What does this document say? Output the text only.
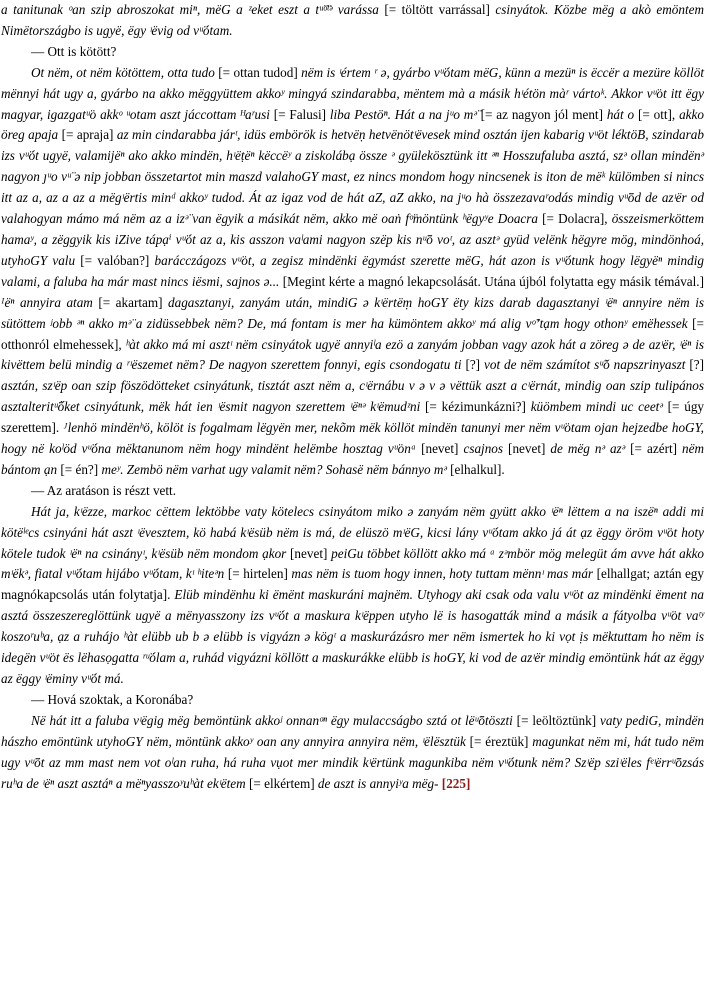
a tanitunak ᵒan szip abroszokat miⁿ, mëG a ᶻeket eszt a tᵘ̈ᵒ̈ᵗᵊ varássa [= töltött varrással] csinyátok. Közbe mëg a akò emöntem Nimëtországbo is ugyë, ëgy ᶦëvig od vᵘ̈ótam.

— Ott is kötött?

Ot nëm, ot nëm kötöttem, otta tudo [= ottan tudod] nëm is ᶦértem ʳ ə, gyárbo vᵘ̈ótam mëG, künn a mezüⁿ is ëccër a mezüre köllöt mënnyi hát ugy a, gyárbo na akko mëggyüttem akkoʸ mingyá szindarabba, mëntem mà a másik hᶦétön màʳ vártoᵏ. Akkor vᵘ̈ot itt ëgy magyar, igazgatᵘ̈o akkᵒ ᵘotam aszt jáccottam ᴴaʳusi [= Falusi] liba Pestöⁿ. Hát a na jᵘo mᵊ̈ [= az nagyon jól ment] hát o [= ott], akko öreg apaja [= apraja] az min cindarabba járᵗ, idüs embörök is hetvëṇ hetvënötᶦëvesek mind osztán ijen kabarig vᵘ̈ot léktöB, szindarab izs vᵘ̈ót ugyë, valamijëⁿ ako akko mindën, hᶦëṭëⁿ këccëʸ a ziskolábạ össze ᵊ gyülekösztünk itt ᵊⁿ Hosszufaluba asztá, szᵊ ollan mindënᵊ nagyon ȷᵘo vᵘ̈ ə nip jobban összetartot min maszd valahoGY mast, ez nincs mondom hogy nincsenek is iton de mëᵏ külömben si nincs itt az a, az a az a mëgᶦërtis minᵈ akkoʸ tudod. Át az igaz vod de hát aZ, aZ akko, na jᵘo hà összezavaʳodás mindig vᵘ̈öd de azᶦër od valahogyan mámo má nëm az a izᵊ̈ van ëgyik a másikát nëm, akko më oaṅ fᵒ̈möntünk ʰëgyʸe Doacra [= Dolacra], összeismerköttem hamaʸ, a zëggyik kis iZive tápạⁱ vᵘ̈ót az a, kis asszon vaˡami nagyon szëp kis nᵘ̈ö voᵗ, az asztᵊ gyüd velënk hëgyre mög, mindönhoá, utyhoGY valu [= valóban?] barácczágozs vᵘ̈ot, a zegisz mindënki ëgymást szerette mëG, hát azon is vᵘ̈ótunk hogy lëgyëⁿ mindig valami, a faluba ha már mast nincs iësmi, sajnos ə... [Megint kérte a magnó lekapcsolását. Utána újból folytatta egy másik témával.] ᴵëⁿ annyira atam [= akartam] dagasztanyi, zanyám után, mindiG ə kᶦërtëṃ hoGY ëty kizs darab dagasztanyi ᶦëⁿ annyire nëm is sütöttem ʲobb ᵊⁿ akko mᵊ̈ a zidüssebbek nëm? De, má fontam is mer ha kümöntem akkoʸ má alig vᵒ̈ʼtạm hogy othonʸ emëhessek [= otthonról elmehessek], ʰàt akko má mi asztᶦ nëm csinyátok ugyë annyiˡa ezö a zanyám jobban vagy azok hát a zöreg ə de azᶦër, ᶦëⁿ is kivëttem belü mindig a ʳᶦëszemet nëm? De nagyon szerettem fonnyi, egis csondogatu ti [?] vot de nëm számítot sᵘ̈ǒ napszrinyaszt [?] asztán, szᶦëp oan szip föszödötteket csinyátunk, tisztát aszt nëm a, cᶦërnábu v ə v ə vëttük aszt a cᶦërnát, mindig oan szip tulipános asztalteritᵘ̈őket csinyátunk, mëk hát ien ᶦësmit nagyon szerettem ᶦëⁿᵊ kᶦëmudᶻni [= kézimunkázni?] küömbem mindi uc ceetᵊ [= úgy szerettem]. ᴶlenhö mindënʰö, kölöt is fogalmam lëgyën mer, nekõm mëk köllöt mindën tanunyi mer nëm vᵘ̈otam ojan hejzedbe hoGY, hogy në koˡöd vᵘ̈óna mëktanunom nëm hogy mindënt helëmbe hosztag vᵘ̈onᵃ [nevet] csajnos [nevet] de mëg nᵊ azᵊ [= azért] nëm bántom ạn [= én?] meʸ. Zembö nëm varhat ugy valamit nëm? Sohasë nëm bánnyo mᵊ [elhalkul].

— Az aratáson is részt vett.

Hát ja, kᶦëzze, markoc cëttem lektöbbe vaty kötelecs csinyátom miko ə zanyám nëm gyütt akko ᶦëⁿ lëttem a na iszëⁿ addi mi kötëˡᵉcs csinyáni hát aszt ᶦëvesztem, kö habá kᶦësüb nëm is má, de elüszö mᶦëG, kicsi lány vᵘ̈ótam akko já át ạz ëggy öröm vᵘ̈ot hoty kötele tudok ᶦëⁿ na csinányᶦ, kᶦësüb nëm mondom ạkor [nevet] peiGu többet köllött akko má ᵃ zᵊmbör mög melegüt ám avve hát akko mᶦëkᵊ, fiatal vᵘ̈ótam hijábo vᵘ̈ótam, kᶦ ʰiteᵊn [= hirtelen] mas nëm is tuom hogy innen, hoty tuttam mënnᶦ mas már [elhallgat; aztán egy magnókapcsolás után folytatja]. Elüb mindënhu ki ëmënt maskuráni majnëm. Utyhogy aki csak oda valu vᵘ̈ot az mindënki ëment na asztá összeszereglöttünk ugyë a mënyasszony izs vᵘ̈ót a maskura kᶦëppen utyho lë is hasogatták mind a másik a fátyolba vᵘ̈ot vaᵗʸ koszoʳuᵇa, ạz a ruhájo ʰàt elübb ub b ə elübb is vigyázn ə kögᵗ a maskurázásro mer nëm ismertek ho ki vọt ịs mëktuttam ho nëm is idegën vᵘ̈ot ës lëhasọgatta ʳᵘ̈ólam a, ruhád vigyázni köllött a maskurákke elübb is hoGY, ki vod de azᶦër mindig emöntünk hát az ëggy az ëggy ᶦëminy vᵘ̈ót má.

— Hová szoktak, a Koronába?

Në hát itt a faluba vᶦëgig mëg bemöntünk akkoʲ onnanᵒⁿ ëgy mulaccságbo sztá ot lëᵘ̈ötöszti [= leöltöztünk] vaty pediG, mindën hászho emöntünk utyhoGY nëm, möntünk akkoʸ oan any annyira annyira nëm, ᶦëlësztük [= éreztük] magunkat nëm mi, hát tudo nëm ugy vᵘ̈öt az mm mast nem vot oˡan ruha, há ruha vụot mer mindik kᶦërtünk magunkiba nëm vᵘ̈ótunk nëm? Szᶦëp sziᶦëles fᵉᶦërrᵘ̈özsás ruʰa de ᶦëⁿ aszt asztáⁿ a mëⁿyasszoʸuʰàt ekᶦëtem [= elkértem] de aszt is annyiʸa mëg- [225]
